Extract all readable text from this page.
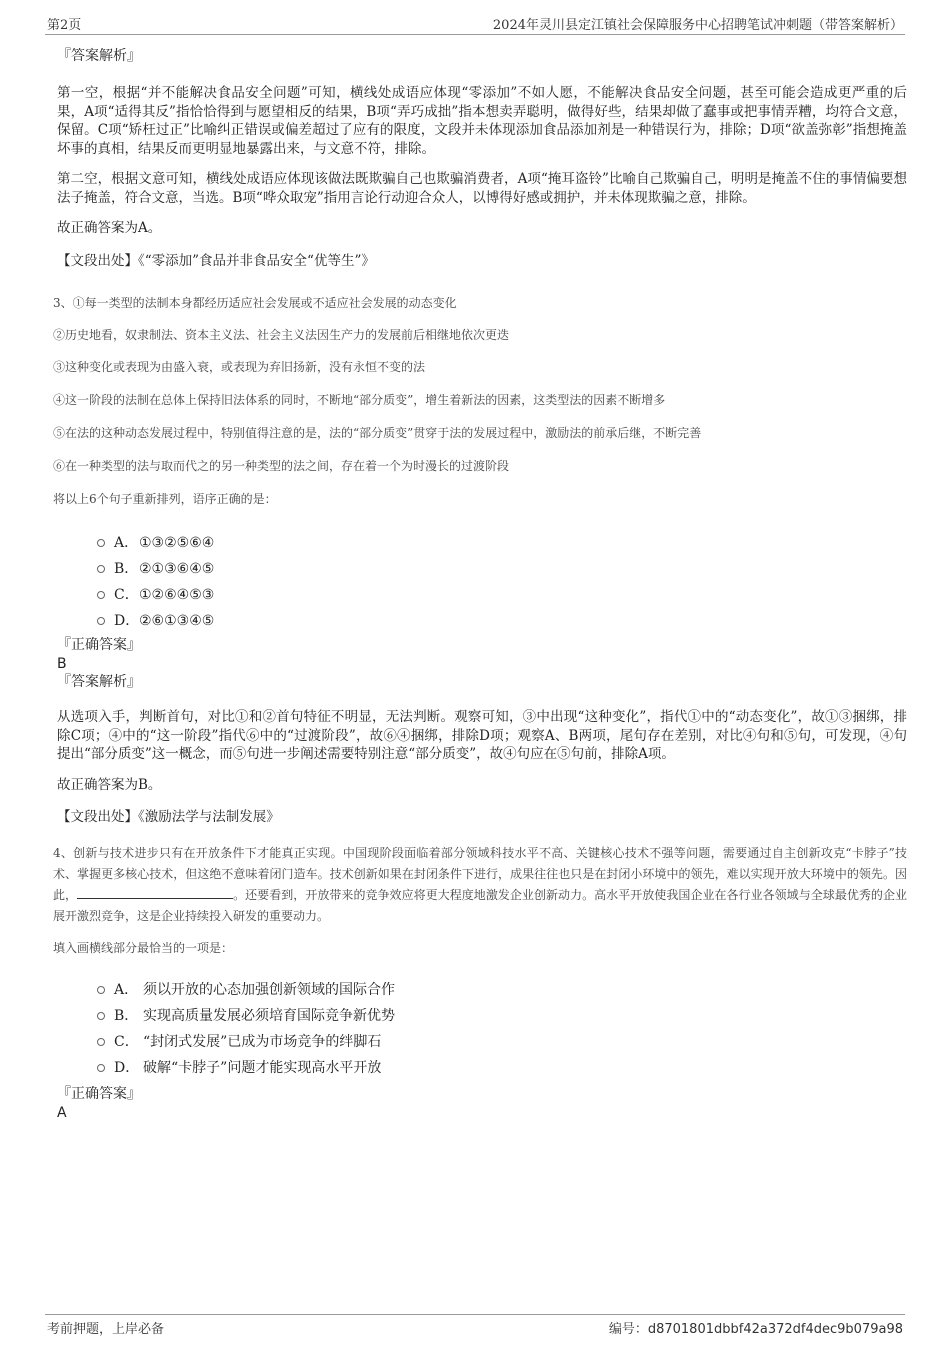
第2页	2024年灵川县定江镇社会保障服务中心招聘笔试冲刺题（带答案解析）
『答案解析』
第一空，根据“并不能解决食品安全问题”可知，横线处成语应体现“零添加”不如人愿，不能解决食品安全问题，甚至可能会造成更严重的后果，A项“适得其反”指恰恰得到与愿望相反的结果，B项“弄巧成拙”指本想卖弄聪明，做得好些，结果却做了蠢事或把事情弄糟，均符合文意，保留。C项“矫枉过正”比喻纠正错误或偏差超过了应有的限度，文段并未体现添加食品添加剂是一种错误行为，排除；D项“欲盖弥彰”指想掩盖坏事的真相，结果反而更明显地暴露出来，与文意不符，排除。
第二空，根据文意可知，横线处成语应体现该做法既欺骗自己也欺骗消费者，A项“掩耳盗铃”比喻自己欺骗自己，明明是掩盖不住的事情偏要想法子掩盖，符合文意，当选。B项“哗众取宠”指用言论行动迎合众人，以博得好感或拥护，并未体现欺骗之意，排除。
故正确答案为A。
【文段出处】《“零添加”食品并非食品安全“优等生”》
3、①每一类型的法制本身都经历适应社会发展或不适应社会发展的动态变化
②历史地看，奴隶制法、资本主义法、社会主义法因生产力的发展前后相继地依次更迭
③这种变化或表现为由盛入衰，或表现为弃旧扬新，没有永恒不变的法
④这一阶段的法制在总体上保持旧法体系的同时，不断地“部分质变”，增生着新法的因素，这类型法的因素不断增多
⑤在法的这种动态发展过程中，特别值得注意的是，法的“部分质变”贯穿于法的发展过程中，激励法的前承后继，不断完善
⑥在一种类型的法与取而代之的另一种类型的法之间，存在着一个为时漫长的过渡阶段
将以上6个句子重新排列，语序正确的是：
A． ①③②⑤⑥④
B． ②①③⑥④⑤
C． ①②⑥④⑤③
D． ②⑥①③④⑤
『正确答案』
B
『答案解析』
从选项入手，判断首句，对比①和②首句特征不明显，无法判断。观察可知，③中出现“这种变化”，指代①中的“动态变化”，故①③捆绑，排除C项；④中的“这一阶段”指代⑥中的“过渡阶段”，故⑥④捆绑，排除D项；观察A、B两项，尾句存在差别，对比④句和⑤句，可发现，④句提出“部分质变”这一概念，而⑤句进一步阐述需要特别注意“部分质变”，故④句应在⑤句前，排除A项。
故正确答案为B。
【文段出处】《激励法学与法制发展》
4、创新与技术进步只有在开放条件下才能真正实现。中国现阶段面临着部分领域科技水平不高、关键核心技术不强等问题，需要通过自主创新攻克“卡脖子”技术、掌握更多核心技术，但这绝不意味着闭门造车。技术创新如果在封闭条件下进行，成果往往也只是在封闭小环境中的领先，难以实现开放大环境中的领先。因此，	。还要看到，开放带来的竞争效应将更大程度地激发企业创新动力。高水平开放使我国企业在各行业各领域与全球最优秀的企业展开激烈竞争，这是企业持续投入研发的重要动力。
填入画横线部分最恰当的一项是：
A． 须以开放的心态加强创新领域的国际合作
B． 实现高质量发展必须培育国际竞争新优势
C． “封闭式发展”已成为市场竞争的绊脚石
D． 破解“卡脖子”问题才能实现高水平开放
『正确答案』
A
考前押题，上岸必备	编号：d8701801dbbf42a372df4dec9b079a98
